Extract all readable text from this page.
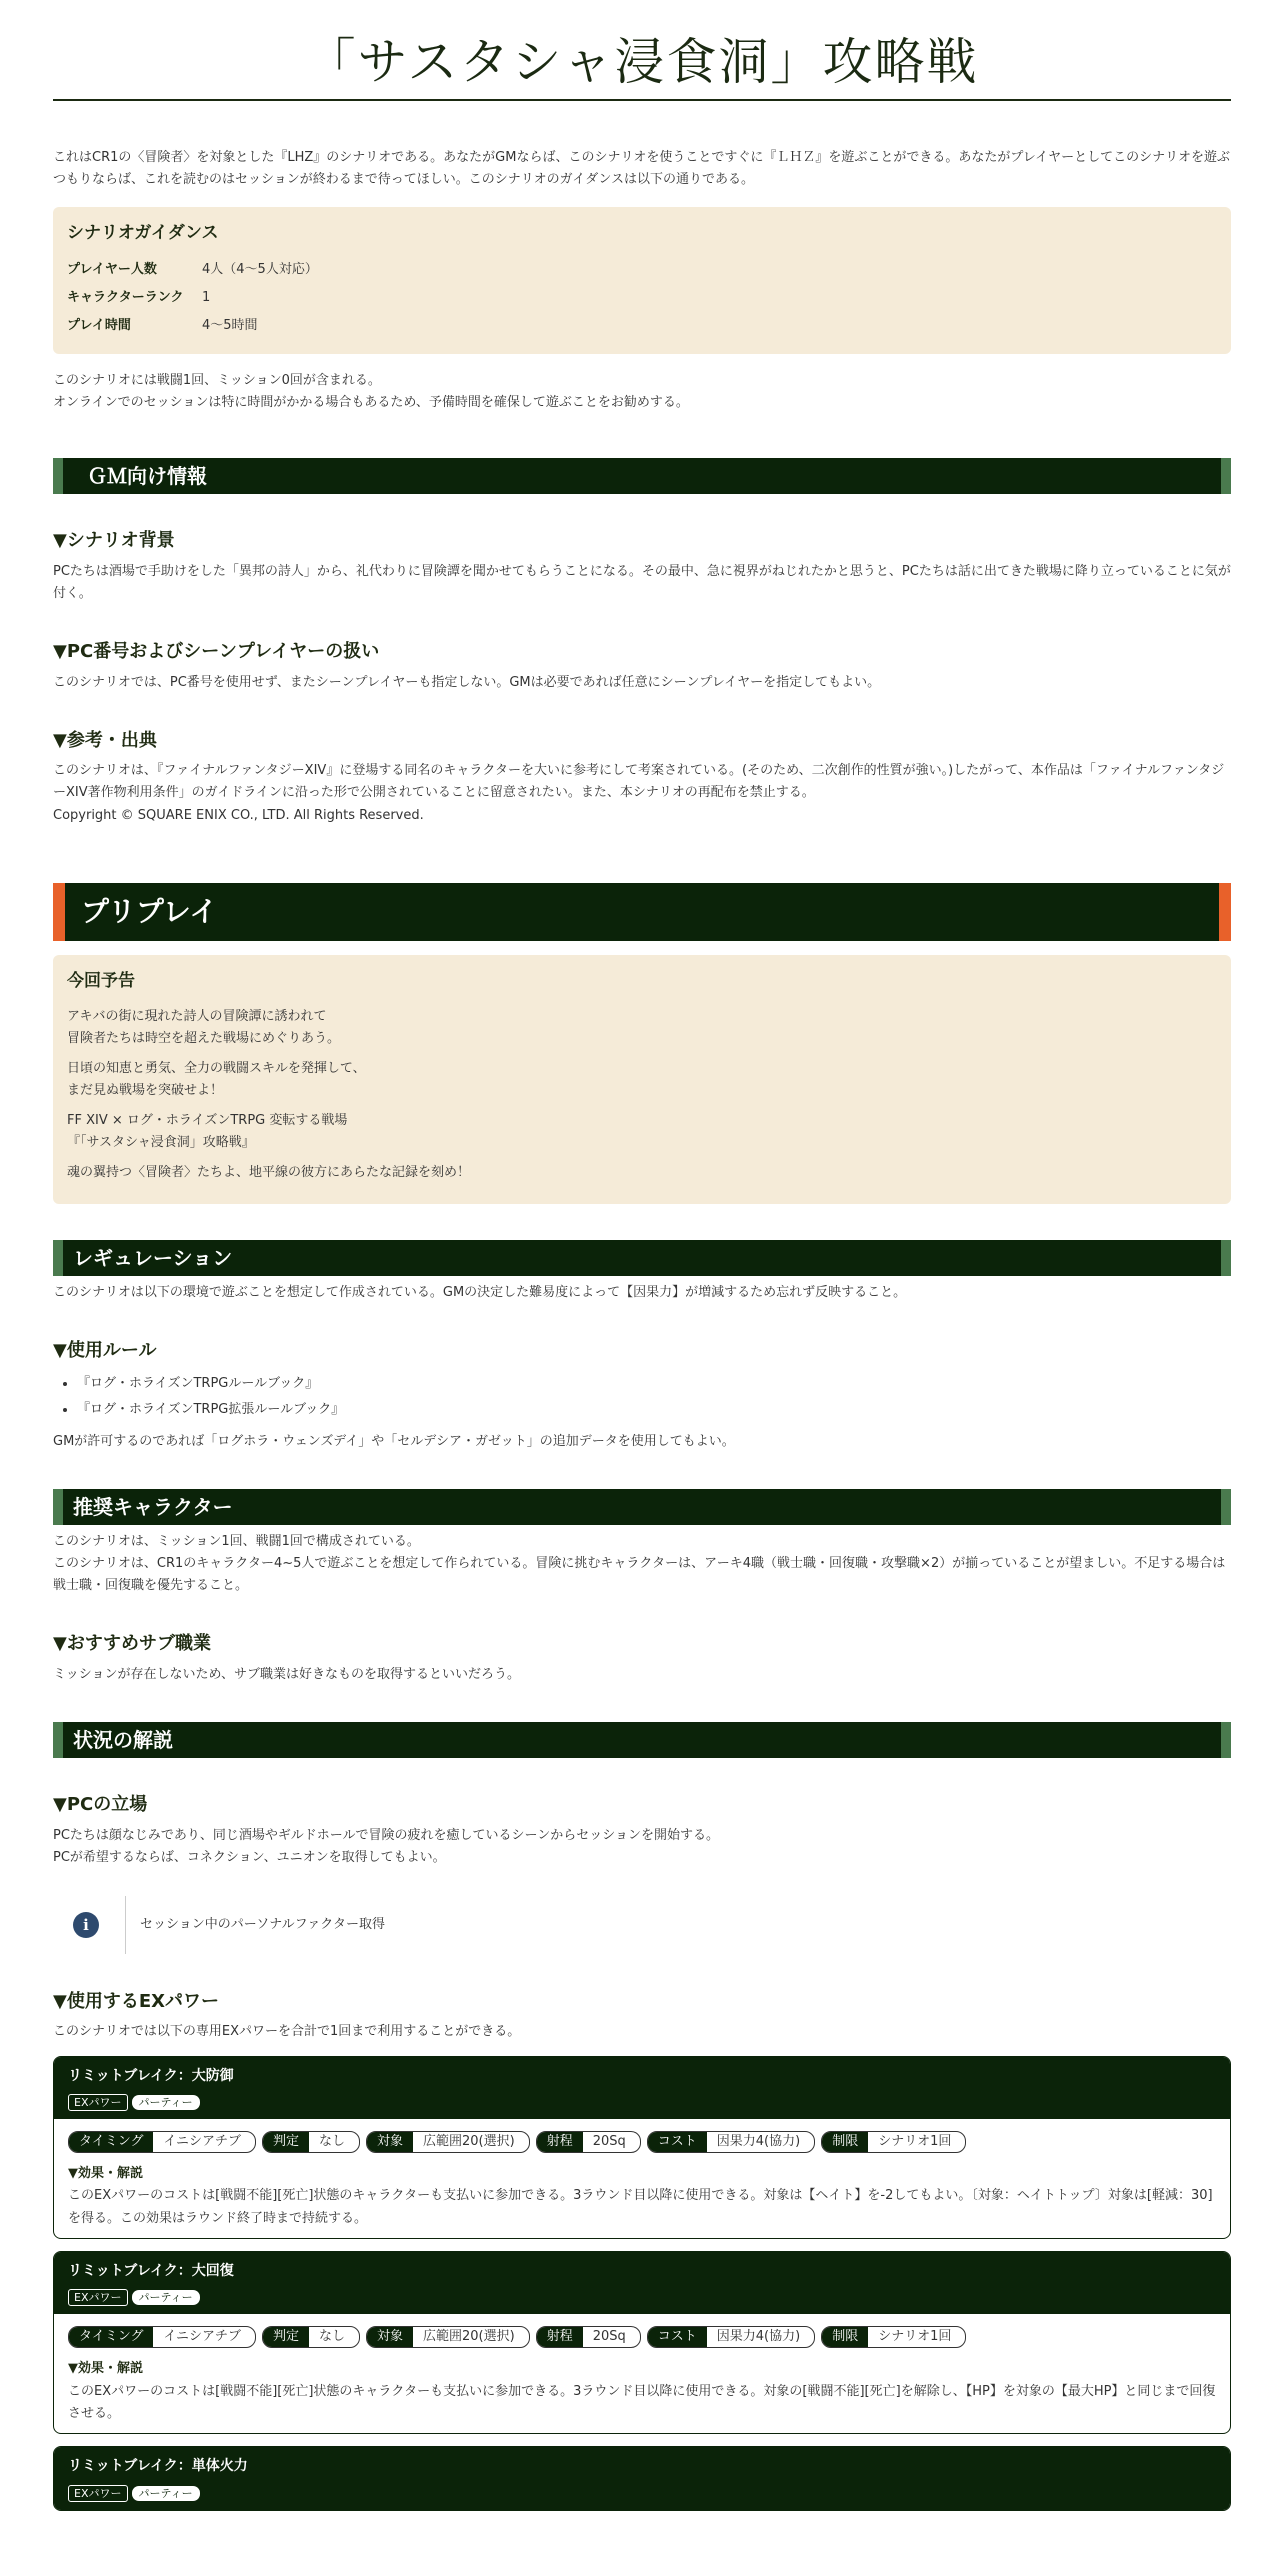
「サスタシャ浸食洞」攻略戦

これはCR1の〈冒険者〉を対象とした『LHZ』のシナリオである。あなたがGMならば、このシナリオを使うことですぐに『ＬＨＺ』を遊ぶことができる。あなたがプレイヤーとしてこのシナリオを遊ぶつもりならば、これを読むのはセッションが終わるまで待ってほしい。このシナリオのガイダンスは以下の通りである。

シナリオガイダンス
プレイヤー人数	4人（4～5人対応）
キャラクターランク	1
プレイ時間	4～5時間

このシナリオには戦闘1回、ミッション0回が含まれる。

オンラインでのセッションは特に時間がかかる場合もあるため、予備時間を確保して遊ぶことをお勧めする。

ＧＭ向け情報
▼シナリオ背景

PCたちは酒場で手助けをした「異邦の詩人」から、礼代わりに冒険譚を聞かせてもらうことになる。その最中、急に視界がねじれたかと思うと、PCたちは話に出てきた戦場に降り立っていることに気が付く。

▼PC番号およびシーンプレイヤーの扱い

このシナリオでは、PC番号を使用せず、またシーンプレイヤーも指定しない。GMは必要であれば任意にシーンプレイヤーを指定してもよい。

▼参考・出典

このシナリオは、『ファイナルファンタジーXIV』に登場する同名のキャラクターを大いに参考にして考案されている。(そのため、二次創作的性質が強い。)したがって、本作品は「ファイナルファンタジーXIV著作物利用条件」のガイドラインに沿った形で公開されていることに留意されたい。また、本シナリオの再配布を禁止する。

Copyright © SQUARE ENIX CO., LTD. All Rights Reserved.

プリプレイ
今回予告

アキバの街に現れた詩人の冒険譚に誘われて
冒険者たちは時空を超えた戦場にめぐりあう。

日頃の知恵と勇気、全力の戦闘スキルを発揮して、
まだ見ぬ戦場を突破せよ！

FF XIV × ログ・ホライズンTRPG 変転する戦場
『「サスタシャ浸食洞」攻略戦』

魂の翼持つ〈冒険者〉たちよ、地平線の彼方にあらたな記録を刻め！

レギュレーション

このシナリオは以下の環境で遊ぶことを想定して作成されている。GMの決定した難易度によって【因果力】が増減するため忘れず反映すること。

▼使用ルール
• 『ログ・ホライズンTRPGルールブック』
• 『ログ・ホライズンTRPG拡張ルールブック』

GMが許可するのであれば「ログホラ・ウェンズデイ」や「セルデシア・ガゼット」の追加データを使用してもよい。

推奨キャラクター

このシナリオは、ミッション1回、戦闘1回で構成されている。

このシナリオは、CR1のキャラクター4~5人で遊ぶことを想定して作られている。冒険に挑むキャラクターは、アーキ4職（戦士職・回復職・攻撃職×2）が揃っていることが望ましい。不足する場合は戦士職・回復職を優先すること。

▼おすすめサブ職業

ミッションが存在しないため、サブ職業は好きなものを取得するといいだろう。

状況の解説
▼PCの立場

PCたちは顔なじみであり、同じ酒場やギルドホールで冒険の疲れを癒しているシーンからセッションを開始する。

PCが希望するならば、コネクション、ユニオンを取得してもよい。

i	セッション中のパーソナルファクター取得
▼使用するEXパワー

このシナリオでは以下の専用EXパワーを合計で1回まで利用することができる。

リミットブレイク：大防御
EXパワー パーティー
タイミング	イニシアチブ	判定	なし	対象	広範囲20(選択)	射程	20Sq	コスト	因果力4(協力)	制限	シナリオ1回
▼効果・解説

このEXパワーのコストは[戦闘不能][死亡]状態のキャラクターも支払いに参加できる。3ラウンド目以降に使用できる。対象は【ヘイト】を-2してもよい。〔対象：ヘイトトップ〕対象は[軽減：30]を得る。この効果はラウンド終了時まで持続する。

リミットブレイク：大回復
EXパワー パーティー
タイミング	イニシアチブ	判定	なし	対象	広範囲20(選択)	射程	20Sq	コスト	因果力4(協力)	制限	シナリオ1回
▼効果・解説

このEXパワーのコストは[戦闘不能][死亡]状態のキャラクターも支払いに参加できる。3ラウンド目以降に使用できる。対象の[戦闘不能][死亡]を解除し、【HP】を対象の【最大HP】と同じまで回復させる。

リミットブレイク：単体火力
EXパワー パーティー
